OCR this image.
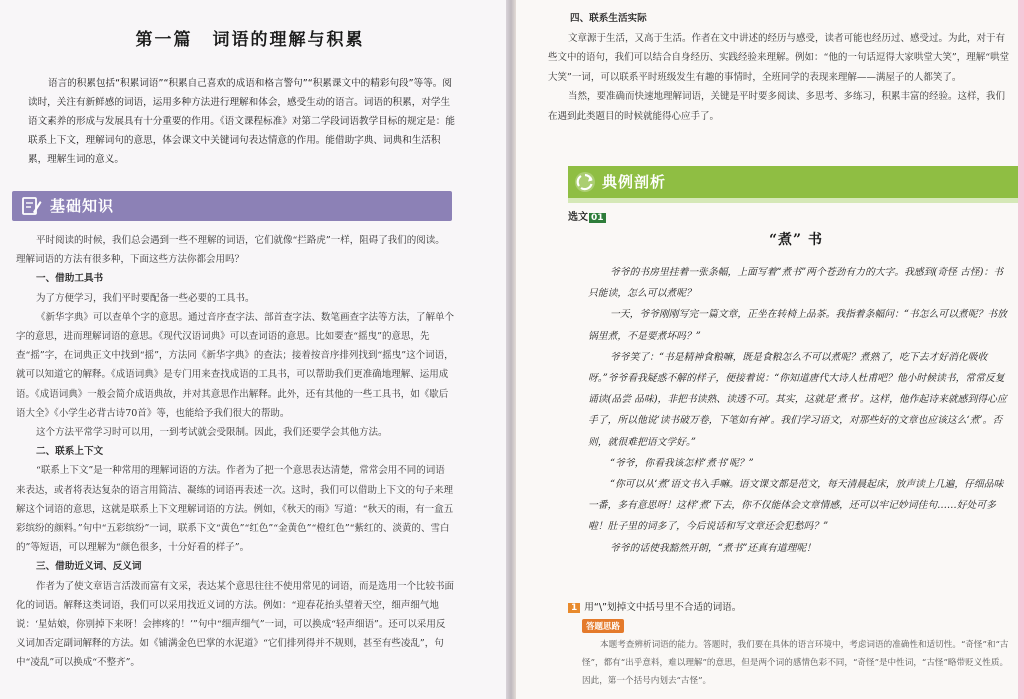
第一篇 词语的理解与积累

语言的积累包括“积累词语”“积累自己喜欢的成语和格言警句”“积累课文中的精彩句段”等等。阅读时，关注有新鲜感的词语，运用多种方法进行理解和体会，感受生动的语言。词语的积累，对学生语文素养的形成与发展具有十分重要的作用。《语文课程标准》对第二学段词语教学目标的规定是：能联系上下文，理解词句的意思，体会课文中关键词句表达情意的作用。能借助字典、词典和生活积累，理解生词的意义。

基础知识

平时阅读的时候，我们总会遇到一些不理解的词语，它们就像“拦路虎”一样，阻碍了我们的阅读。理解词语的方法有很多种，下面这些方法你都会用吗？

一、借助工具书

为了方便学习，我们平时要配备一些必要的工具书。

《新华字典》可以查单个字的意思。通过音序查字法、部首查字法、数笔画查字法等方法，了解单个字的意思，进而理解词语的意思。《现代汉语词典》可以查词语的意思。比如要查“摇曳”的意思，先查“摇”字，在词典正文中找到“摇”，方法同《新华字典》的查法；接着按音序排列找到“摇曳”这个词语，就可以知道它的解释。《成语词典》是专门用来查找成语的工具书，可以帮助我们更准确地理解、运用成语。《成语词典》一般会简介成语典故，并对其意思作出解释。此外，还有其他的一些工具书，如《歇后语大全》《小学生必背古诗70首》等，也能给予我们很大的帮助。

这个方法平常学习时可以用，一到考试就会受限制。因此，我们还要学会其他方法。

二、联系上下文

“联系上下文”是一种常用的理解词语的方法。作者为了把一个意思表达清楚，常常会用不同的词语来表达，或者将表达复杂的语言用简洁、凝练的词语再表述一次。这时，我们可以借助上下文的句子来理解这个词语的意思，这就是联系上下文理解词语的方法。例如，《秋天的雨》写道：“秋天的雨，有一盒五彩缤纷的颜料。”句中“五彩缤纷”一词，联系下文“黄色”“红色”“金黄色”“橙红色”“紫红的、淡黄的、雪白的”等短语，可以理解为“颜色很多，十分好看的样子”。

三、借助近义词、反义词

作者为了使文章语言活泼而富有文采，表达某个意思往往不使用常见的词语，而是选用一个比较书面化的词语。解释这类词语，我们可以采用找近义词的方法。例如：“迎春花抬头望着天空，细声细气地说：‘星姑娘，你别掉下来呀！会摔疼的！’”句中“细声细气”一词，可以换成“轻声细语”。还可以采用反义词加否定副词解释的方法。如《铺满金色巴掌的水泥道》“它们排列得并不规则，甚至有些凌乱”，句中“凌乱”可以换成“不整齐”。

四、联系生活实际

文章源于生活，又高于生活。作者在文中讲述的经历与感受，读者可能也经历过、感受过。为此，对于有些文中的语句，我们可以结合自身经历、实践经验来理解。例如：“他的一句话逗得大家哄堂大笑”，理解“哄堂大笑”一词，可以联系平时班级发生有趣的事情时，全班同学的表现来理解——满屋子的人都笑了。

当然，要准确而快速地理解词语，关键是平时要多阅读、多思考、多练习，积累丰富的经验。这样，我们在遇到此类题目的时候就能得心应手了。

典例剖析
选文 01
“煮” 书

爷爷的书房里挂着一张条幅，上面写着“煮书”两个苍劲有力的大字。我感到(奇怪 古怪)：书只能读，怎么可以煮呢？

一天，爷爷刚刚写完一篇文章，正坐在转椅上品茶。我指着条幅问：“书怎么可以煮呢？书放锅里煮，不是要煮坏吗？”

爷爷笑了：“书是精神食粮嘛，既是食粮怎么不可以煮呢？煮熟了，吃下去才好消化吸收呀。”爷爷看我疑惑不解的样子，便接着说：“你知道唐代大诗人杜甫吧？他小时候读书，常常反复诵读(品尝 品味)，非把书读熟、读透不可。其实，这就是‘煮书’。这样，他作起诗来就感到得心应手了，所以他说‘读书破万卷，下笔如有神’。我们学习语文，对那些好的文章也应该这么‘煮’。否则，就很难把语文学好。”

“爷爷，你看我该怎样‘煮书’呢？”

“你可以从‘煮’语文书入手嘛。语文课文都是范文，每天清晨起床，放声读上几遍，仔细品味一番，多有意思呀！这样‘煮’下去，你不仅能体会文章情感，还可以牢记妙词佳句……好处可多啦！肚子里的词多了，今后说话和写文章还会犯愁吗？”

爷爷的话使我豁然开朗，“煮书”还真有道理呢！

1 用“\”划掉文中括号里不合适的词语。
答题思路

本题考查辨析词语的能力。答题时，我们要在具体的语言环境中，考虑词语的准确性和适切性。“奇怪”和“古怪”，都有“出乎意料，难以理解”的意思，但是两个词的感情色彩不同，“奇怪”是中性词，“古怪”略带贬义性质。因此，第一个括号内划去“古怪”。
